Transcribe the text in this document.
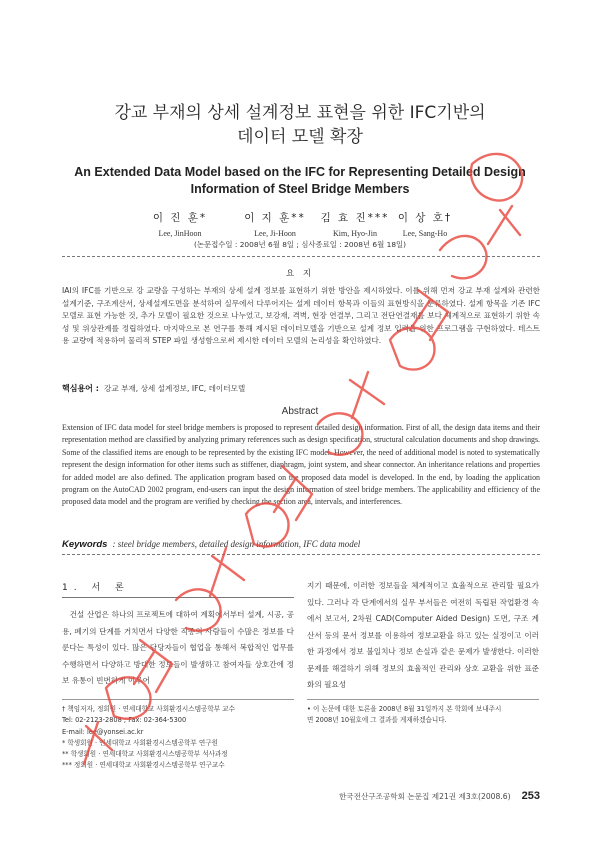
강교 부재의 상세 설계정보 표현을 위한 IFC기반의
데이터 모델 확장
An Extended Data Model based on the IFC for Representing Detailed Design
Information of Steel Bridge Members
이 진 훈*
Lee, JinHoon
이 지 훈**
Lee, Ji-Hoon
김 효 진***
Kim, Hyo-Jin
이 상 호†
Lee, Sang-Ho
(논문접수일 : 2008년 6월 8일 ; 심사종료일 : 2008년 6월 18일)
요 지
IAI의 IFC를 기반으로 강 교량을 구성하는 부재의 상세 설계 정보를 표현하기 위한 방안을 제시하였다. 이를 위해 먼저 강교 부재 설계와 관련한 설계기준, 구조계산서, 상세설계도면을 분석하여 실무에서 다루어지는 설계 데이터 항목과 이들의 표현방식을 분류하였다. 설계 항목을 기존 IFC 모델로 표현 가능한 것, 추가 모델이 필요한 것으로 나누었고, 보강재, 격벽, 현장 연결부, 그리고 전단연결재를 보다 체계적으로 표현하기 위한 속성 및 위상관계를 정립하였다. 마지막으로 본 연구를 통해 제시된 데이터모델을 기반으로 설계 정보 입력을 위한 프로그램을 구현하였다. 테스트용 교량에 적용하여 물리적 STEP 파일 생성함으로써 제시한 데이터 모델의 논리성을 확인하였다.
핵심용어 : 강교 부재, 상세 설계정보, IFC, 데이터모델
Abstract
Extension of IFC data model for steel bridge members is proposed to represent detailed design information. First of all, the design data items and their representation method are classified by analyzing primary references such as design specification, structural calculation documents and shop drawings. Some of the classified items are enough to be represented by the existing IFC model. However, the need of additional model is noted to systematically represent the design information for other items such as stiffener, diaphragm, joint system, and shear connector. An inheritance relations and properties for added model are also defined. The application program based on the proposed data model is developed. In the end, by loading the application program on the AutoCAD 2002 program, end-users can input the design information of steel bridge members. The applicability and efficiency of the proposed data model and the program are verified by checking the section area, intervals, and interferences.
Keywords : steel bridge members, detailed design information, IFC data model
1. 서 론
건설 산업은 하나의 프로젝트에 대하여 계획에서부터 설계, 시공, 공용, 폐기의 단계를 거치면서 다양한 직종의 사람들이 수많은 정보를 다룬다는 특성이 있다. 많은 담당자들이 협업을 통해서 복합적인 업무를 수행하면서 다양하고 방대한 정보들이 발생하고 참여자들 상호간에 정보 유통이 빈번하게 이루어
지기 때문에, 이러한 정보들을 체계적이고 효율적으로 관리할 필요가 있다. 그러나 각 단계에서의 실무 부서들은 여전히 독립된 작업환경 속에서 보고서, 2차원 CAD(Computer Aided Design) 도면, 구조 계산서 등의 문서 정보를 이용하여 정보교환을 하고 있는 실정이고 이러한 과정에서 정보 불일치나 정보 손실과 같은 문제가 발생한다. 이러한 문제를 해결하기 위해 정보의 효율적인 관리와 상호 교환을 위한 표준화의 필요성
† 책임저자, 정회원 · 연세대학교 사회환경시스템공학부 교수
Tel: 02-2123-2808 ; Fax: 02-364-5300
E-mail: lee@yonsei.ac.kr
* 학생회원 · 연세대학교 사회환경시스템공학부 연구원
** 학생회원 · 연세대학교 사회환경시스템공학부 석사과정
*** 정회원 · 연세대학교 사회환경시스템공학부 연구교수
• 이 논문에 대한 토론을 2008년 8월 31일까지 본 학회에 보내주시
면 2008년 10월호에 그 결과를 게재하겠습니다.
한국전산구조공학회 논문집 제21권 제3호(2008.6) 253
